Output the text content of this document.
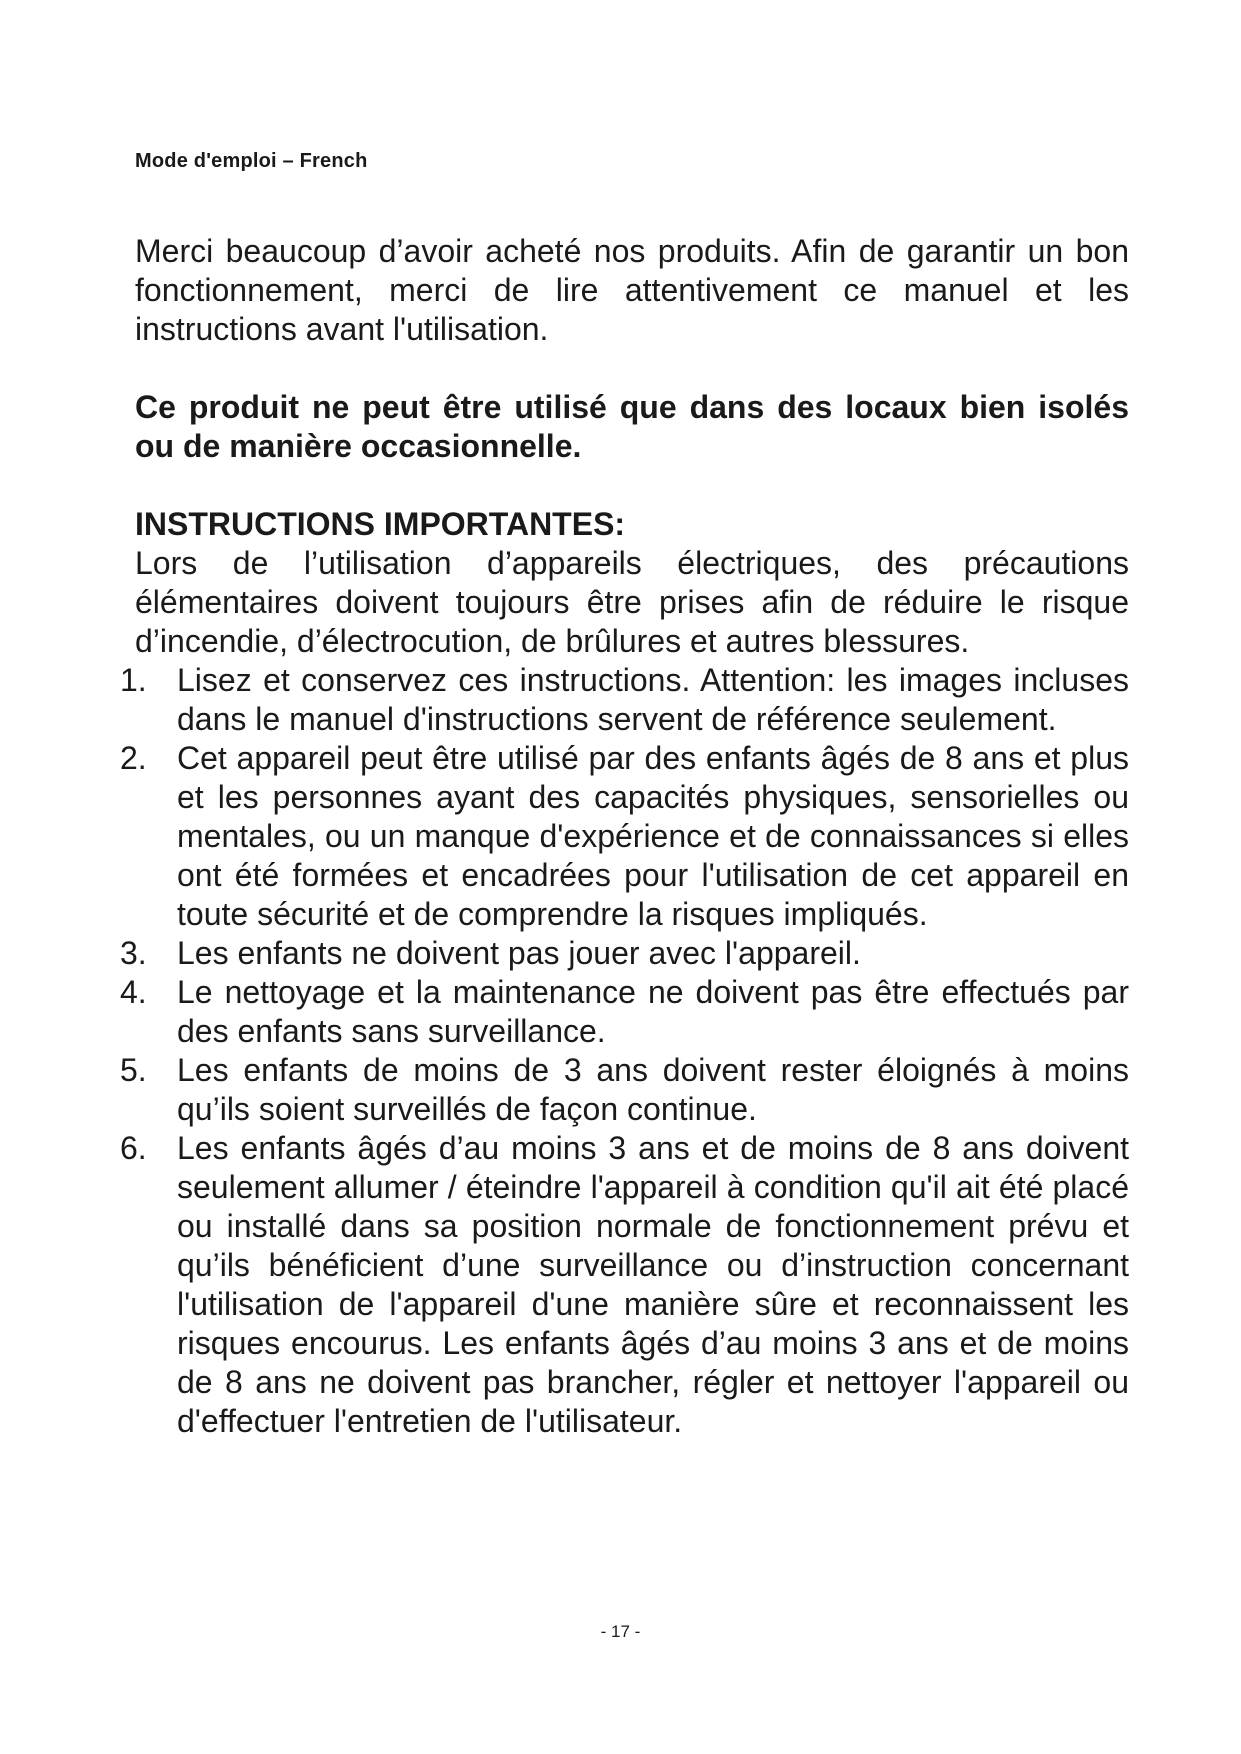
Mode d'emploi – French

Merci beaucoup d’avoir acheté nos produits. Afin de garantir un bon fonctionnement, merci de lire attentivement ce manuel et les instructions avant l'utilisation.

Ce produit ne peut être utilisé que dans des locaux bien isolés ou de manière occasionnelle.

INSTRUCTIONS IMPORTANTES:

Lors de l’utilisation d’appareils électriques, des précautions élémentaires doivent toujours être prises afin de réduire le risque d’incendie, d’électrocution, de brûlures et autres blessures.

1. Lisez et conservez ces instructions. Attention: les images incluses dans le manuel d'instructions servent de référence seulement.
2. Cet appareil peut être utilisé par des enfants âgés de 8 ans et plus et les personnes ayant des capacités physiques, sensorielles ou mentales, ou un manque d'expérience et de connaissances si elles ont été formées et encadrées pour l'utilisation de cet appareil en toute sécurité et de comprendre la risques impliqués.
3. Les enfants ne doivent pas jouer avec l'appareil.
4. Le nettoyage et la maintenance ne doivent pas être effectués par des enfants sans surveillance.
5. Les enfants de moins de 3 ans doivent rester éloignés à moins qu’ils soient surveillés de façon continue.
6. Les enfants âgés d’au moins 3 ans et de moins de 8 ans doivent seulement allumer / éteindre l'appareil à condition qu'il ait été placé ou installé dans sa position normale de fonctionnement prévu et qu’ils bénéficient d’une surveillance ou d’instruction concernant l'utilisation de l'appareil d'une manière sûre et reconnaissent les risques encourus. Les enfants âgés d’au moins 3 ans et de moins de 8 ans ne doivent pas brancher, régler et nettoyer l'appareil ou d'effectuer l'entretien de l'utilisateur.
- 17 -
